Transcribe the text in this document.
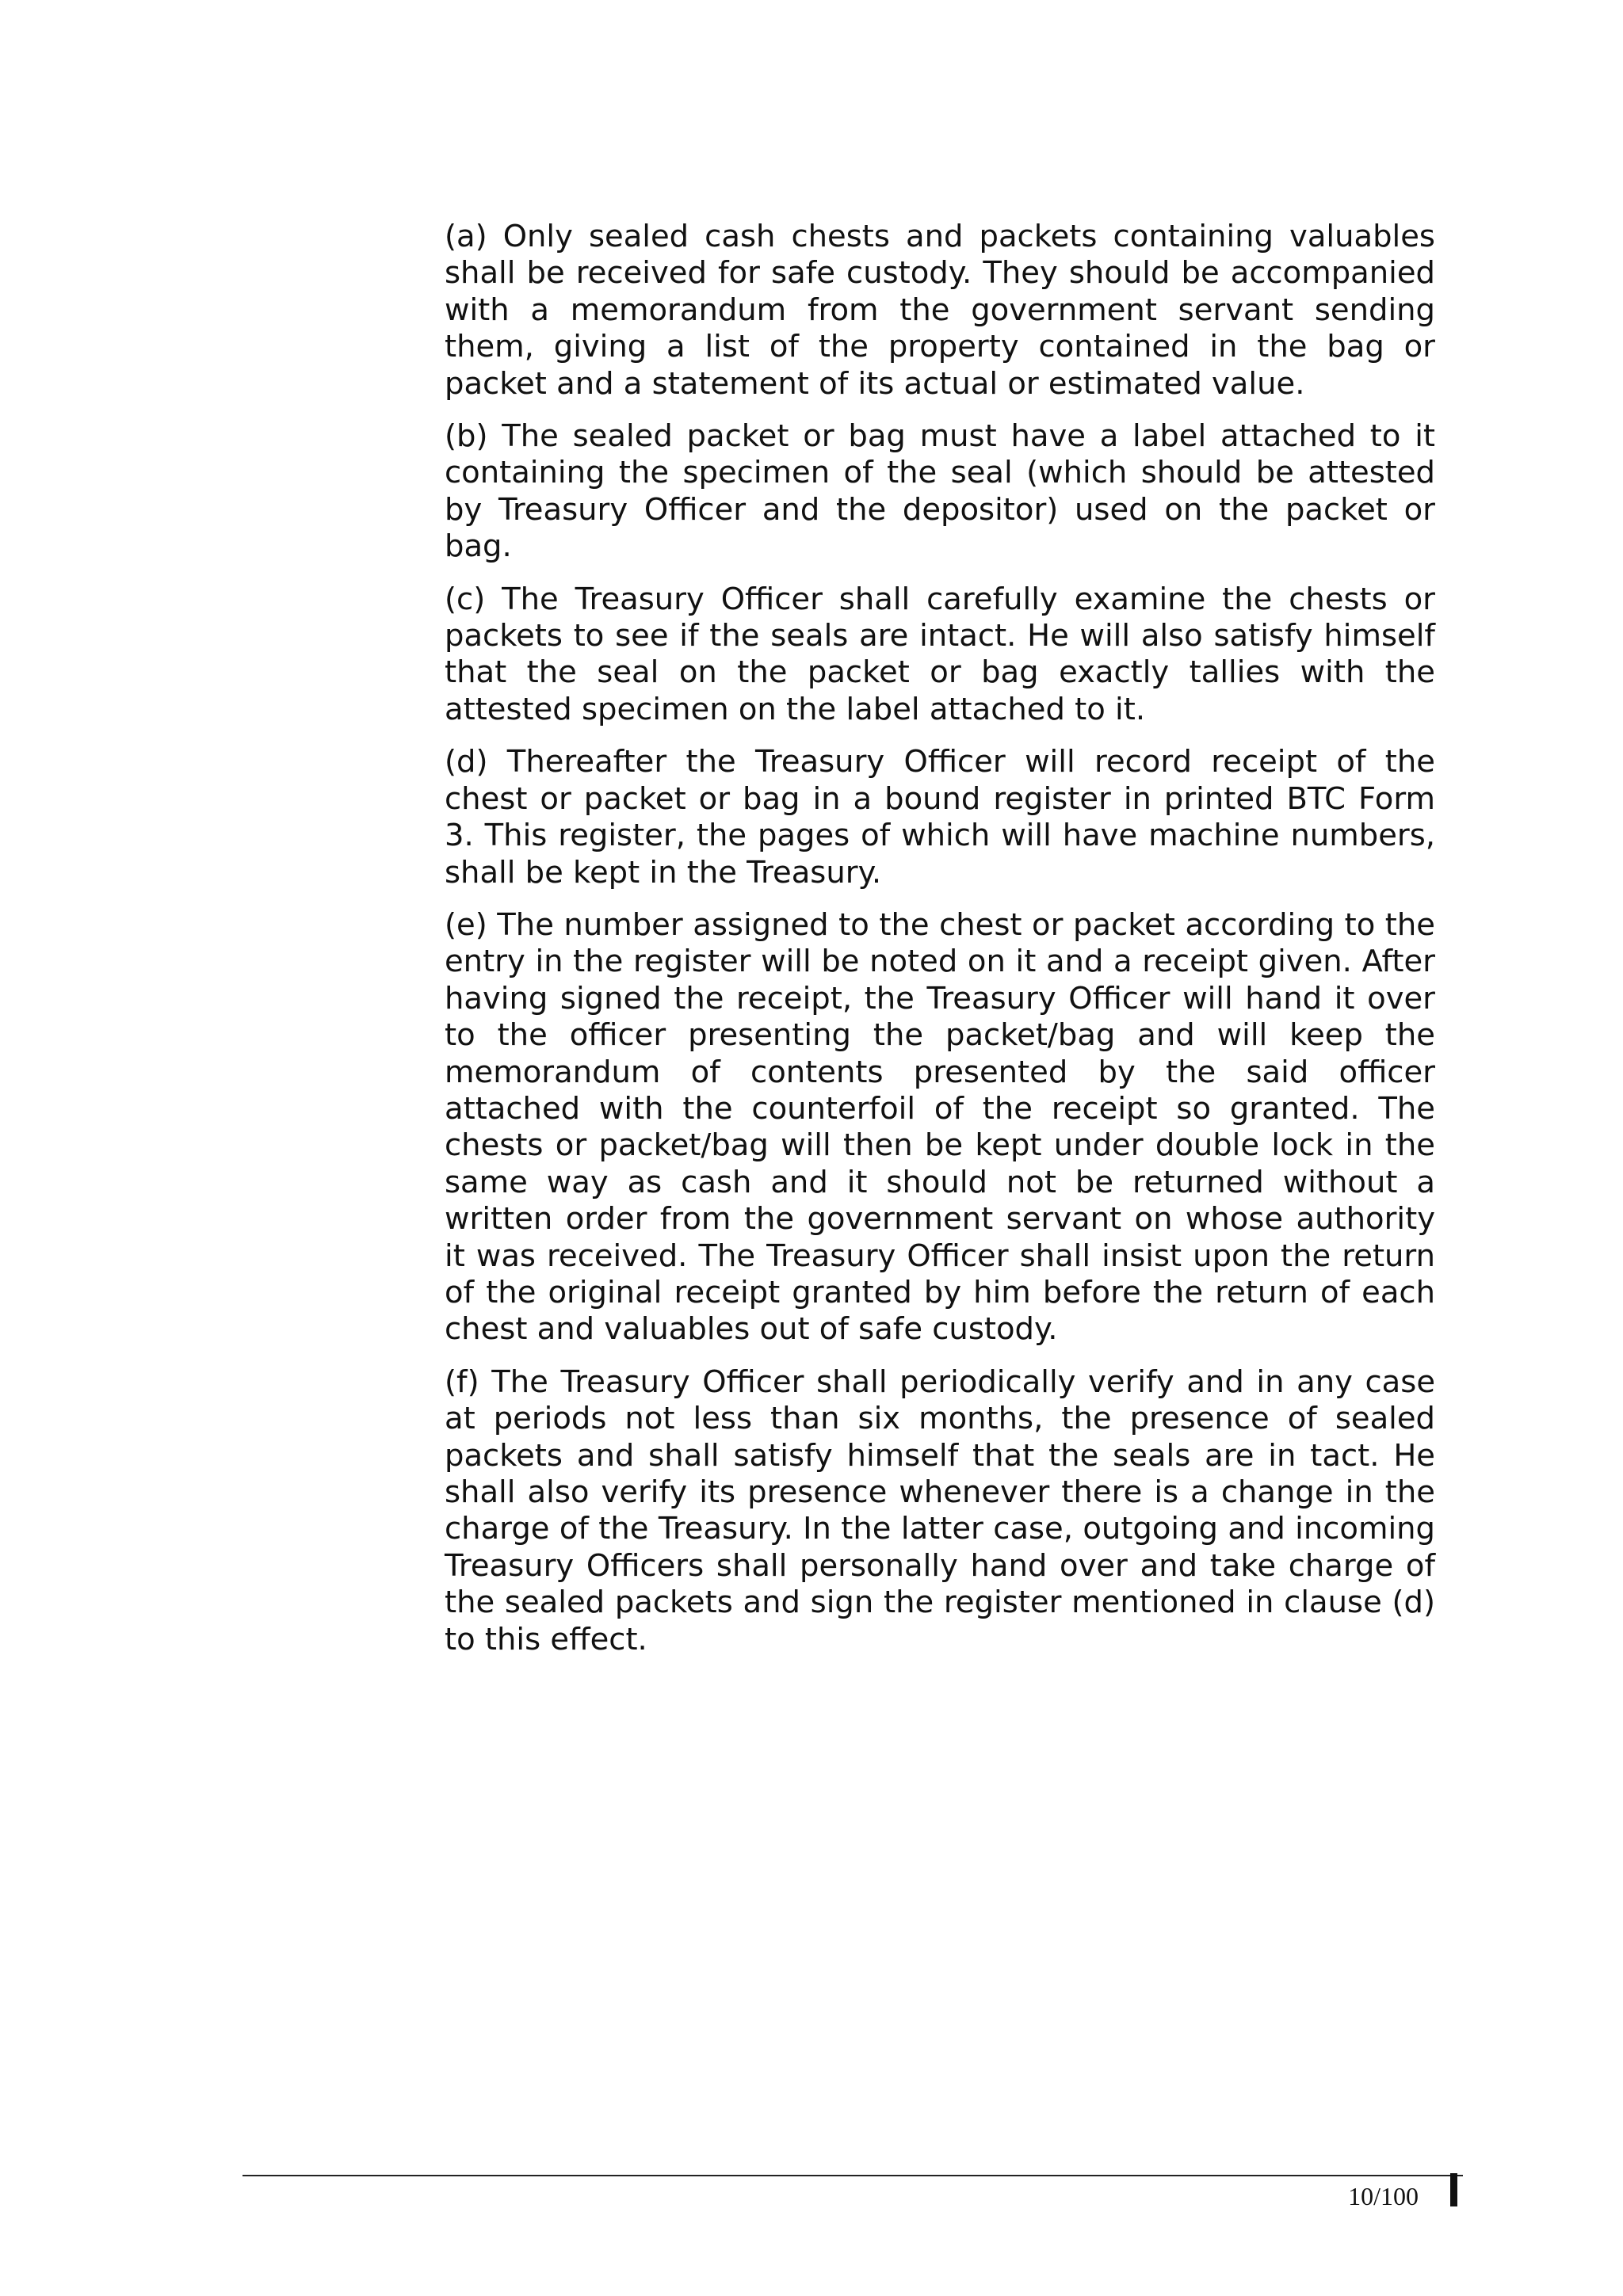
(a) Only sealed cash chests and packets containing valuables shall be received for safe custody. They should be accompanied with a memorandum from the government servant sending them, giving a list of the property contained in the bag or packet and a statement of its actual or estimated value.

(b) The sealed packet or bag must have a label attached to it containing the specimen of the seal (which should be attested by Treasury Officer and the depositor) used on the packet or bag.

(c) The Treasury Officer shall carefully examine the chests or packets to see if the seals are intact. He will also satisfy himself that the seal on the packet or bag exactly tallies with the attested specimen on the label attached to it.

(d) Thereafter the Treasury Officer will record receipt of the chest or packet or bag in a bound register in printed BTC Form 3. This register, the pages of which will have machine numbers, shall be kept in the Treasury.

(e) The number assigned to the chest or packet according to the entry in the register will be noted on it and a receipt given. After having signed the receipt, the Treasury Officer will hand it over to the officer presenting the packet/bag and will keep the memorandum of contents presented by the said officer attached with the counterfoil of the receipt so granted. The chests or packet/bag will then be kept under double lock in the same way as cash and it should not be returned without a written order from the government servant on whose authority it was received. The Treasury Officer shall insist upon the return of the original receipt granted by him before the return of each chest and valuables out of safe custody.

(f) The Treasury Officer shall periodically verify and in any case at periods not less than six months, the presence of sealed packets and shall satisfy himself that the seals are in tact. He shall also verify its presence whenever there is a change in the charge of the Treasury. In the latter case, outgoing and incoming Treasury Officers shall personally hand over and take charge of the sealed packets and sign the register mentioned in clause (d) to this effect.

10/100
